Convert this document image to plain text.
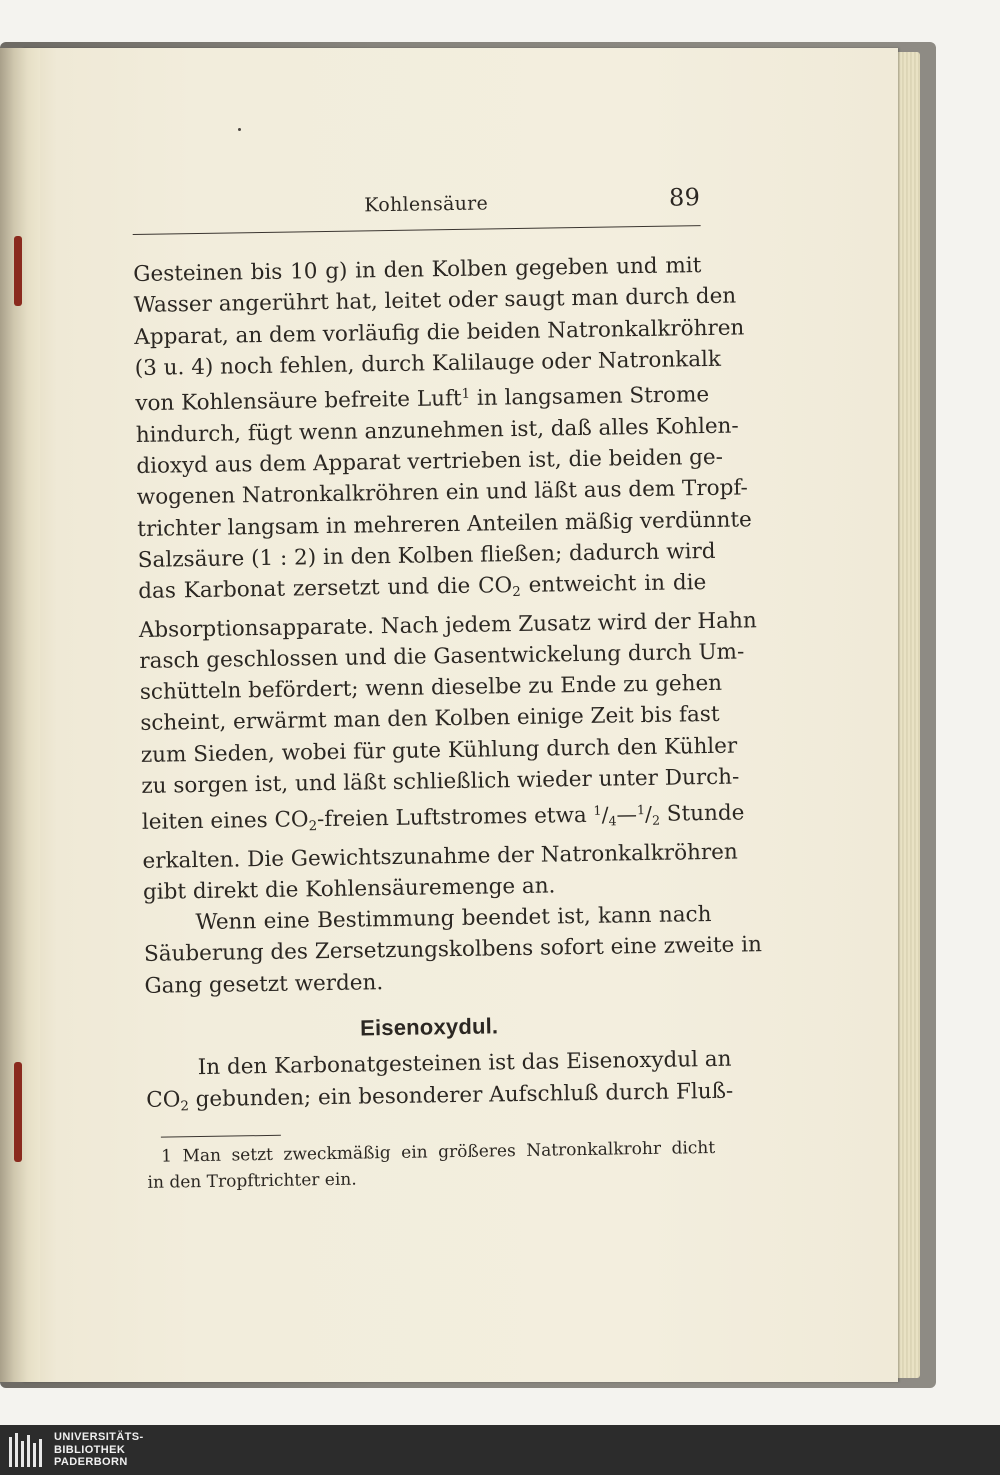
Kohlensäure	89
Gesteinen bis 10 g) in den Kolben gegeben und mit
Wasser angerührt hat, leitet oder saugt man durch den
Apparat, an dem vorläufig die beiden Natronkalkröhren
(3 u. 4) noch fehlen, durch Kalilauge oder Natronkalk
von Kohlensäure befreite Luft$^1$ in langsamen Strome
hindurch, fügt wenn anzunehmen ist, daß alles Kohlen-
dioxyd aus dem Apparat vertrieben ist, die beiden ge-
wogenen Natronkalkröhren ein und läßt aus dem Tropf-
trichter langsam in mehreren Anteilen mäßig verdünnte
Salzsäure (1 : 2) in den Kolben fließen; dadurch wird
das Karbonat zersetzt und die $CO_2$ entweicht in die
Absorptionsapparate. Nach jedem Zusatz wird der Hahn
rasch geschlossen und die Gasentwickelung durch Um-
schütteln befördert; wenn dieselbe zu Ende zu gehen
scheint, erwärmt man den Kolben einige Zeit bis fast
zum Sieden, wobei für gute Kühlung durch den Kühler
zu sorgen ist, und läßt schließlich wieder unter Durch-
leiten eines $CO_2$-freien Luftstromes etwa $^1/_4—^1/_2$ Stunde
erkalten. Die Gewichtszunahme der Natronkalkröhren
gibt direkt die Kohlensäuremenge an.
Wenn eine Bestimmung beendet ist, kann nach
Säuberung des Zersetzungskolbens sofort eine zweite in
Gang gesetzt werden.
Eisenoxydul.
In den Karbonatgesteinen ist das Eisenoxydul an
$CO_2$ gebunden; ein besonderer Aufschluß durch Fluß-
1 Man setzt zweckmäßig ein größeres Natronkalkrohr dicht
in den Tropftrichter ein.
UNIVERSITÄTS-
BIBLIOTHEK
PADERBORN
